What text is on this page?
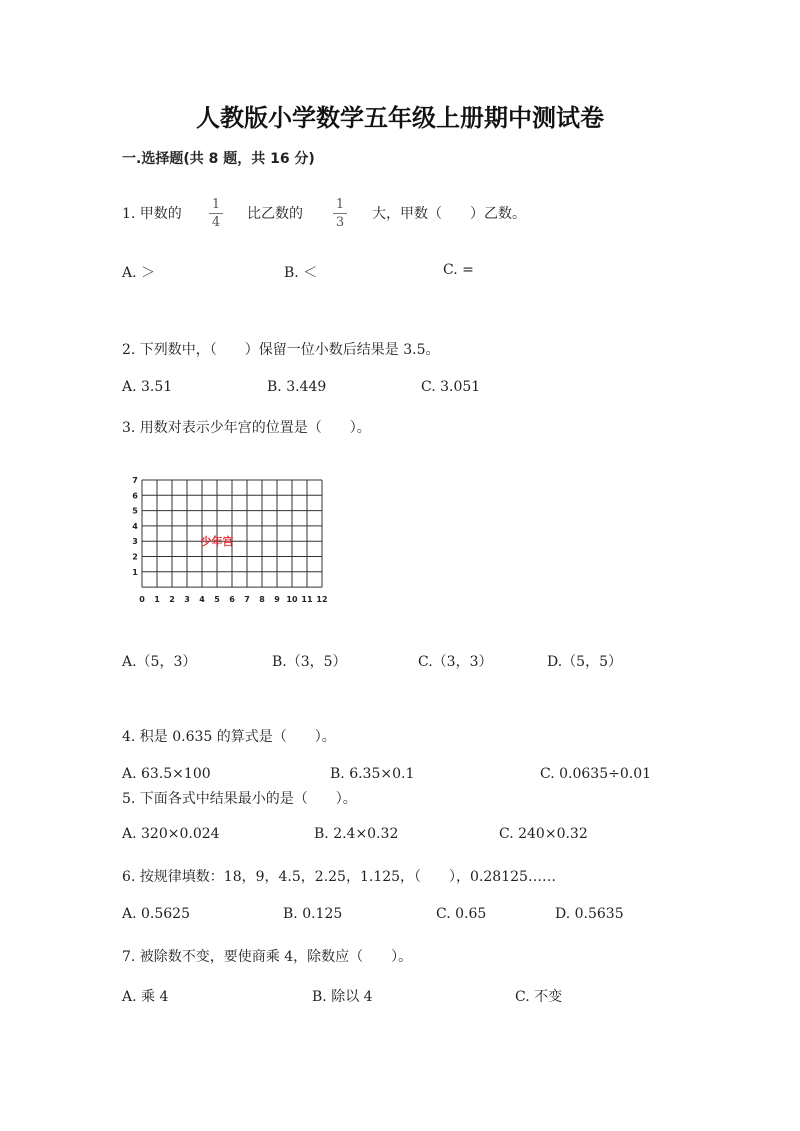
人教版小学数学五年级上册期中测试卷
一.选择题(共 8 题，共 16 分)
1. 甲数的
1
4
比乙数的
1
3
大，甲数（　　）乙数。
A. ＞	B. ＜	C. =
2. 下列数中，（　　）保留一位小数后结果是 3.5。
A. 3.51	B. 3.449	C. 3.051
3. 用数对表示少年宫的位置是（　　）。
0 1 2 3 4 5 6 7 8 9 10 11 12
1
2
3
4
5
6
7
少年宫
A.（5，3）	B.（3，5）	C.（3，3）	D.（5，5）
4. 积是 0.635 的算式是（　　）。
A. 63.5×100	B. 6.35×0.1	C. 0.0635÷0.01
5. 下面各式中结果最小的是（　　）。
A. 320×0.024	B. 2.4×0.32	C. 240×0.32
6. 按规律填数：18，9，4.5，2.25，1.125，（　　），0.28125……
A. 0.5625	B. 0.125	C. 0.65	D. 0.5635
7. 被除数不变，要使商乘 4，除数应（　　）。
A. 乘 4	B. 除以 4	C. 不变
